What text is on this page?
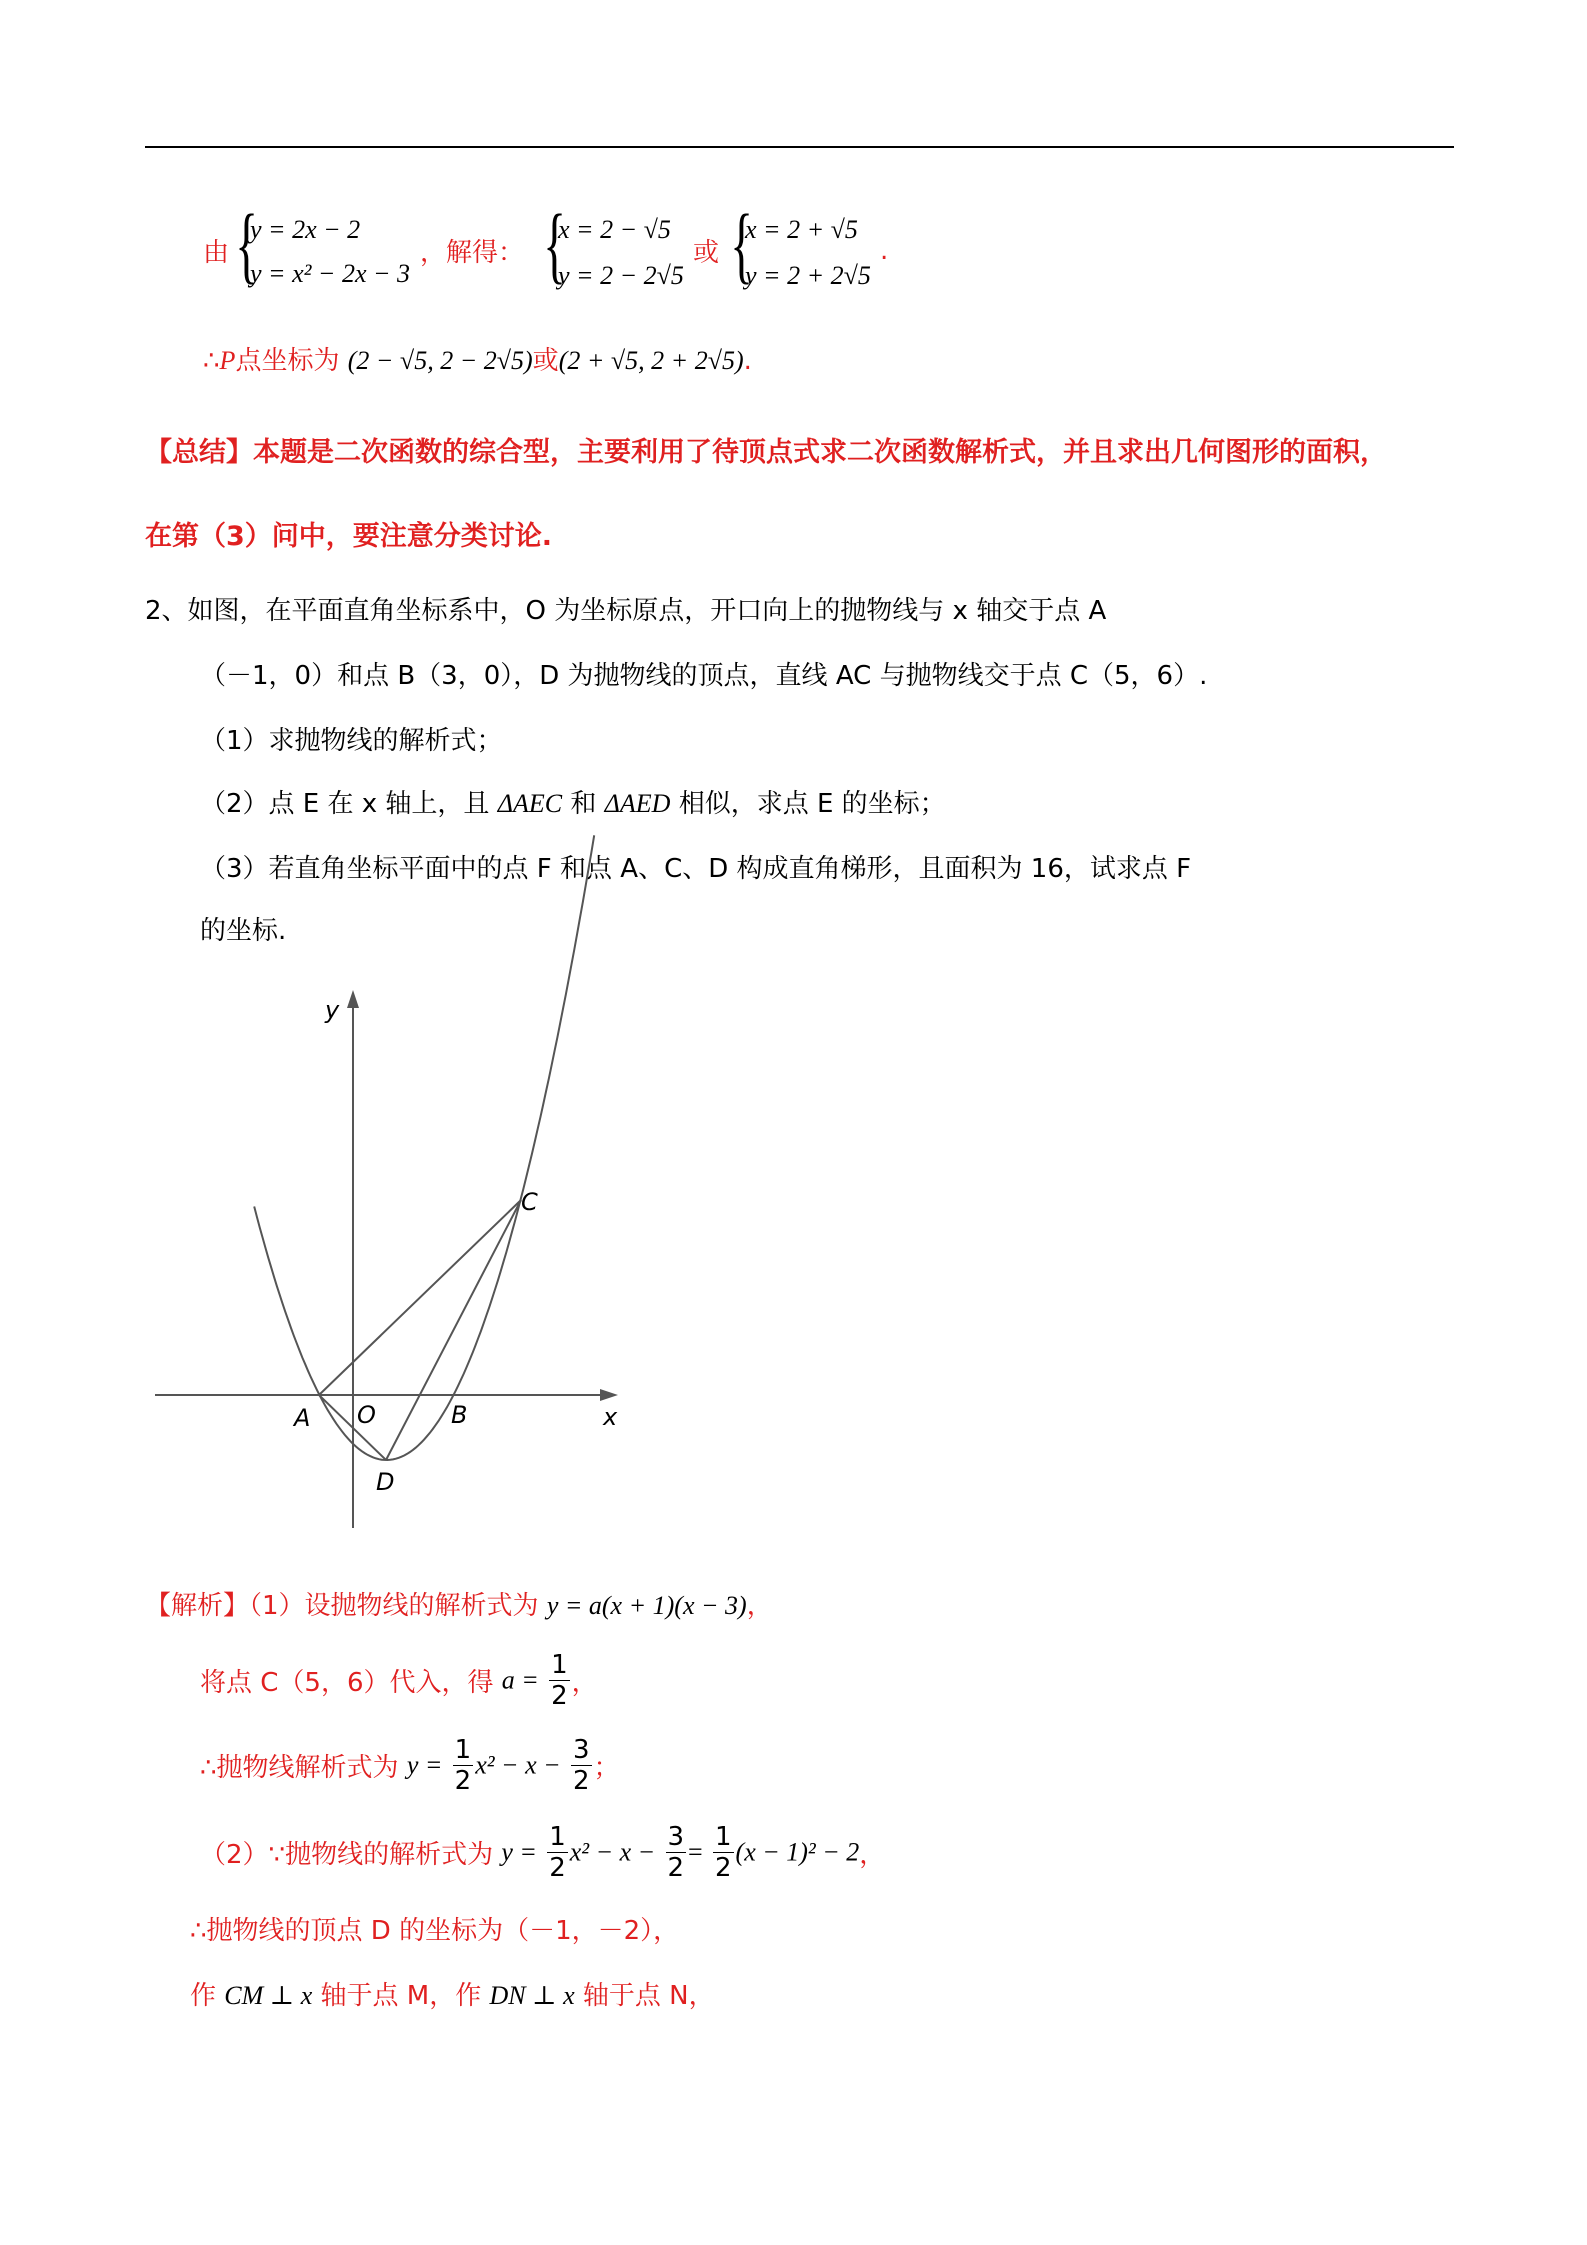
由 {
y = 2x − 2
y = x² − 2x − 3
，解得： {
x = 2 − √5
y = 2 − 2√5
或 {
x = 2 + √5
y = 2 + 2√5
.
∴P点坐标为 (2 − √5, 2 − 2√5)或(2 + √5, 2 + 2√5).
【总结】本题是二次函数的综合型，主要利用了待顶点式求二次函数解析式，并且求出几何图形的面积，
在第（3）问中，要注意分类讨论.
2、如图，在平面直角坐标系中，O 为坐标原点，开口向上的抛物线与 x 轴交于点 A
（－1，0）和点 B（3，0），D 为抛物线的顶点，直线 AC 与抛物线交于点 C（5，6）.
（1）求抛物线的解析式；
（2）点 E 在 x 轴上，且 ΔAEC 和 ΔAED 相似，求点 E 的坐标；
（3）若直角坐标平面中的点 F 和点 A、C、D 构成直角梯形，且面积为 16，试求点 F
的坐标.
y
x
A O	B
C
D
【解析】（1）设抛物线的解析式为 y = a(x + 1)(x − 3)，
将点 C（5，6）代入，得 $a = \frac{1}{2}$ ，
∴抛物线解析式为 $y = \frac{1}{2} x^2 - x - \frac{3}{2}$ ；
（2）∵抛物线的解析式为 $y = \frac{1}{2} x^2 - x - \frac{3}{2} = \frac{1}{2} (x - 1)^2 - 2$，
∴抛物线的顶点 D 的坐标为（－1，－2），
作 CM ⊥ x 轴于点 M，作 DN ⊥ x 轴于点 N，
